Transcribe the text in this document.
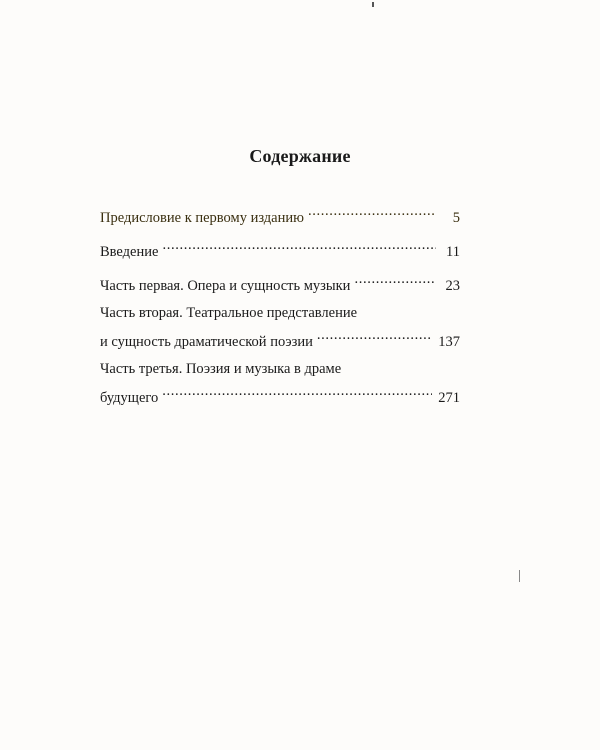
Содержание
Предисловие к первому изданию . . .	5
Введение . . .	11
Часть первая. Опера и сущность музыки . . .	23
Часть вторая. Театральное представление
и сущность драматической поэзии . . .	137
Часть третья. Поэзия и музыка в драме
будущего . . .	271
